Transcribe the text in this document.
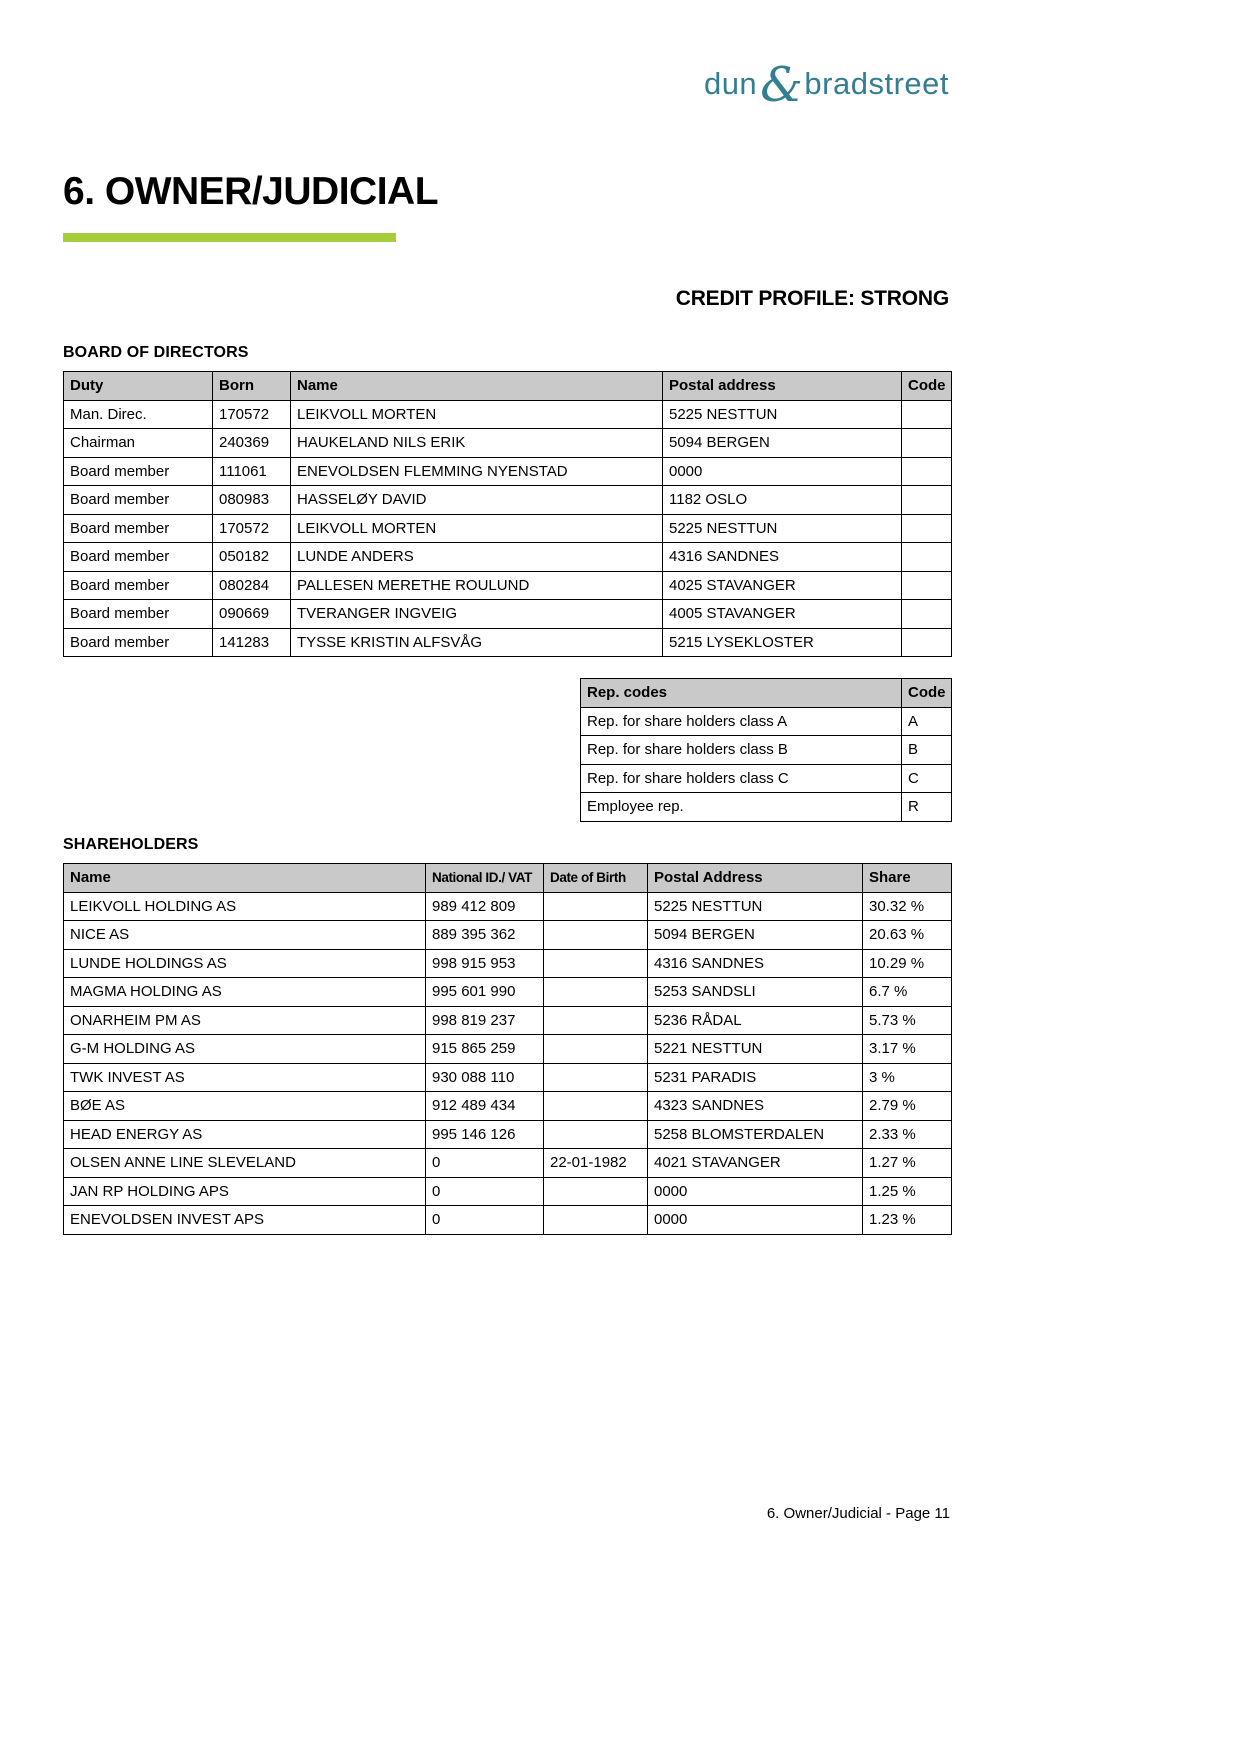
dun&bradstreet
6. OWNER/JUDICIAL
CREDIT PROFILE: STRONG
BOARD OF DIRECTORS
Duty	Born	Name	Postal address	Code
Man. Direc.	170572	LEIKVOLL MORTEN	5225 NESTTUN	
Chairman	240369	HAUKELAND NILS ERIK	5094 BERGEN	
Board member	111061	ENEVOLDSEN FLEMMING NYENSTAD	0000	
Board member	080983	HASSELØY DAVID	1182 OSLO	
Board member	170572	LEIKVOLL MORTEN	5225 NESTTUN	
Board member	050182	LUNDE ANDERS	4316 SANDNES	
Board member	080284	PALLESEN MERETHE ROULUND	4025 STAVANGER	
Board member	090669	TVERANGER INGVEIG	4005 STAVANGER	
Board member	141283	TYSSE KRISTIN ALFSVÅG	5215 LYSEKLOSTER	
Rep. codes	Code
Rep. for share holders class A	A
Rep. for share holders class B	B
Rep. for share holders class C	C
Employee rep.	R
SHAREHOLDERS
Name	National ID./ VAT	Date of Birth	Postal Address	Share
LEIKVOLL HOLDING AS	989 412 809		5225 NESTTUN	30.32 %
NICE AS	889 395 362		5094 BERGEN	20.63 %
LUNDE HOLDINGS AS	998 915 953		4316 SANDNES	10.29 %
MAGMA HOLDING AS	995 601 990		5253 SANDSLI	6.7 %
ONARHEIM PM AS	998 819 237		5236 RÅDAL	5.73 %
G-M HOLDING AS	915 865 259		5221 NESTTUN	3.17 %
TWK INVEST AS	930 088 110		5231 PARADIS	3 %
BØE AS	912 489 434		4323 SANDNES	2.79 %
HEAD ENERGY AS	995 146 126		5258 BLOMSTERDALEN	2.33 %
OLSEN ANNE LINE SLEVELAND	0	22-01-1982	4021 STAVANGER	1.27 %
JAN RP HOLDING APS	0		0000	1.25 %
ENEVOLDSEN INVEST APS	0		0000	1.23 %
6. Owner/Judicial - Page 11
